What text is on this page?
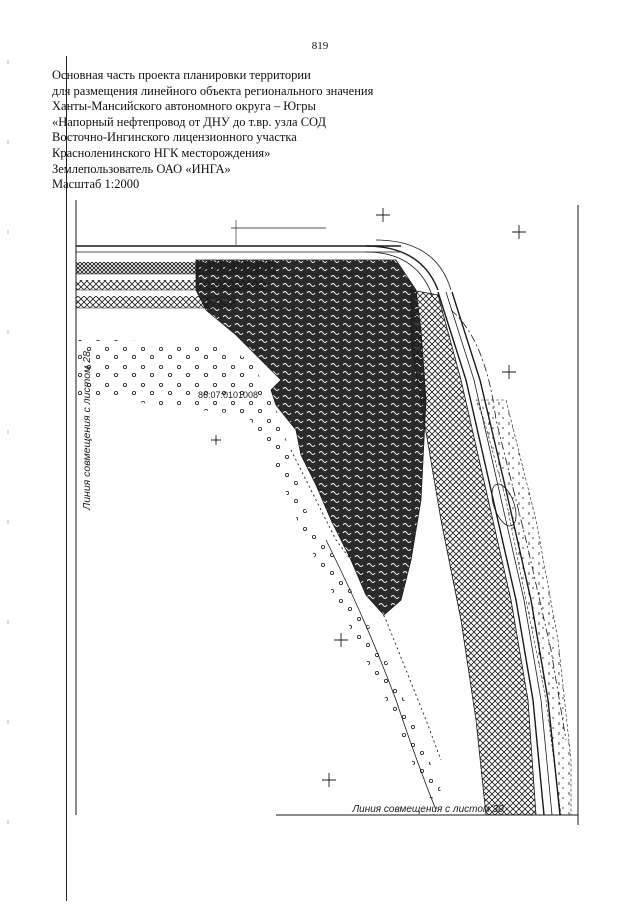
819
Основная часть проекта планировки территории
для размещения линейного объекта регионального значения
Ханты-Мансийского автономного округа – Югры
«Напорный нефтепровод от ДНУ до т.вр. узла СОД
Восточно-Ингинского лицензионного участка
Красноленинского НГК месторождения»
Землепользователь ОАО «ИНГА»
Масштаб 1:2000
86:07:0101008
Линия совмещения с листом 28
Линия совмещения с листом 30
